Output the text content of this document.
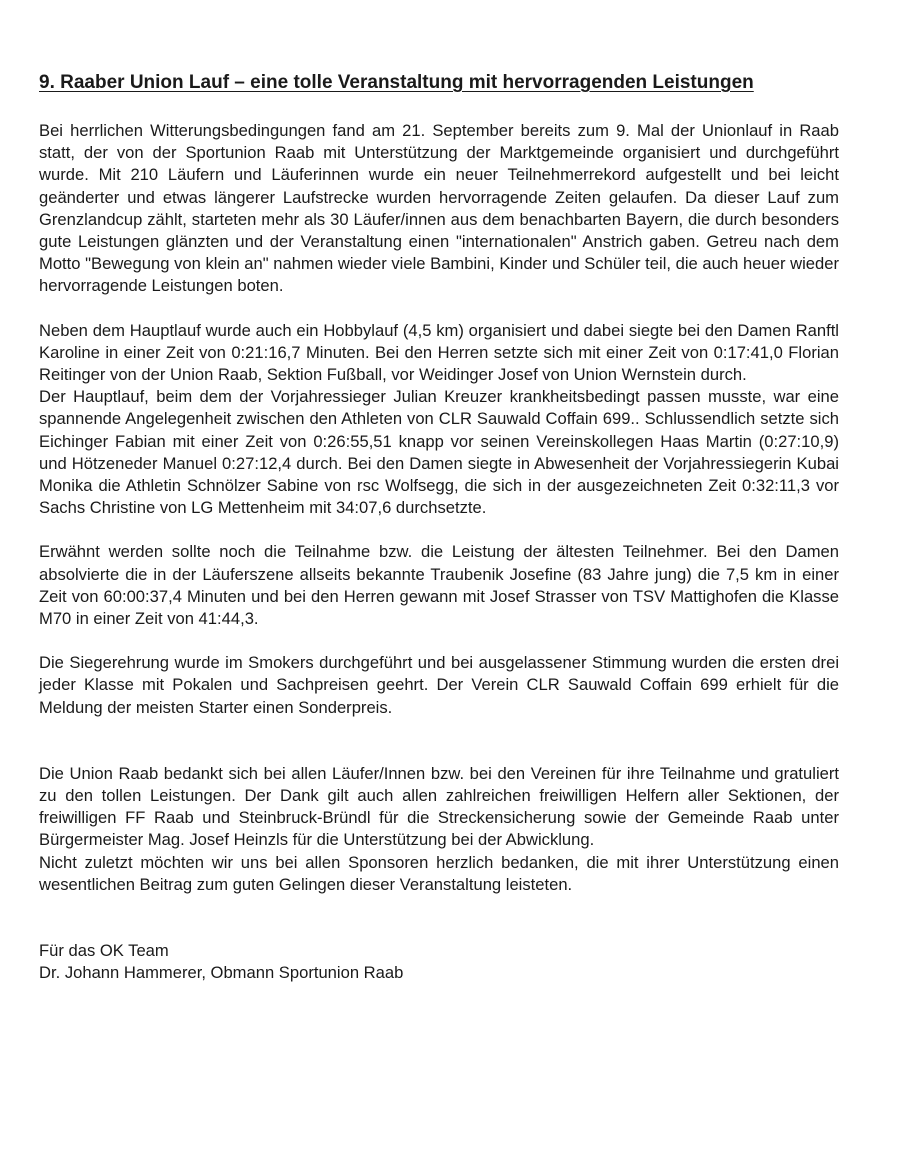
9. Raaber Union Lauf – eine tolle Veranstaltung mit hervorragenden Leistungen

Bei herrlichen Witterungsbedingungen fand am 21. September bereits zum 9. Mal der Unionlauf in Raab statt, der von der Sportunion Raab mit Unterstützung der Marktgemeinde organisiert und durchgeführt wurde. Mit 210 Läufern und Läuferinnen wurde ein neuer Teilnehmerrekord aufgestellt und bei leicht geänderter und etwas längerer Laufstrecke wurden hervorragende Zeiten gelaufen. Da dieser Lauf zum Grenzlandcup zählt, starteten mehr als 30 Läufer/innen aus dem benachbarten Bayern, die durch besonders gute Leistungen glänzten und der Veranstaltung einen "internationalen" Anstrich gaben. Getreu nach dem Motto "Bewegung von klein an" nahmen wieder viele Bambini, Kinder und Schüler teil, die auch heuer wieder hervorragende Leistungen boten.

Neben dem Hauptlauf wurde auch ein Hobbylauf (4,5 km) organisiert und dabei siegte bei den Damen Ranftl Karoline in einer Zeit von 0:21:16,7 Minuten. Bei den Herren setzte sich mit einer Zeit von 0:17:41,0 Florian Reitinger von der Union Raab, Sektion Fußball, vor Weidinger Josef von Union Wernstein durch.

Der Hauptlauf, beim dem der Vorjahressieger Julian Kreuzer krankheitsbedingt passen musste, war eine spannende Angelegenheit zwischen den Athleten von CLR Sauwald Coffain 699.. Schlussendlich setzte sich Eichinger Fabian mit einer Zeit von 0:26:55,51 knapp vor seinen Vereinskollegen Haas Martin (0:27:10,9) und Hötzeneder Manuel 0:27:12,4 durch. Bei den Damen siegte in Abwesenheit der Vorjahressiegerin Kubai Monika die Athletin Schnölzer Sabine von rsc Wolfsegg, die sich in der ausgezeichneten Zeit 0:32:11,3 vor Sachs Christine von LG Mettenheim mit 34:07,6 durchsetzte.

Erwähnt werden sollte noch die Teilnahme bzw. die Leistung der ältesten Teilnehmer. Bei den Damen absolvierte die in der Läuferszene allseits bekannte Traubenik Josefine (83 Jahre jung) die 7,5 km in einer Zeit von 60:00:37,4 Minuten und bei den Herren gewann mit Josef Strasser von TSV Mattighofen die Klasse M70 in einer Zeit von 41:44,3.

Die Siegerehrung wurde im Smokers durchgeführt und bei ausgelassener Stimmung wurden die ersten drei jeder Klasse mit Pokalen und Sachpreisen geehrt. Der Verein CLR Sauwald Coffain 699 erhielt für die Meldung der meisten Starter einen Sonderpreis.

Die Union Raab bedankt sich bei allen Läufer/Innen bzw. bei den Vereinen für ihre Teilnahme und gratuliert zu den tollen Leistungen. Der Dank gilt auch allen zahlreichen freiwilligen Helfern aller Sektionen, der freiwilligen FF Raab und Steinbruck-Bründl für die Streckensicherung sowie der Gemeinde Raab unter Bürgermeister Mag. Josef Heinzls für die Unterstützung bei der Abwicklung.

Nicht zuletzt möchten wir uns bei allen Sponsoren herzlich bedanken, die mit ihrer Unterstützung einen wesentlichen Beitrag zum guten Gelingen dieser Veranstaltung leisteten.

Für das OK Team
Dr. Johann Hammerer, Obmann Sportunion Raab
